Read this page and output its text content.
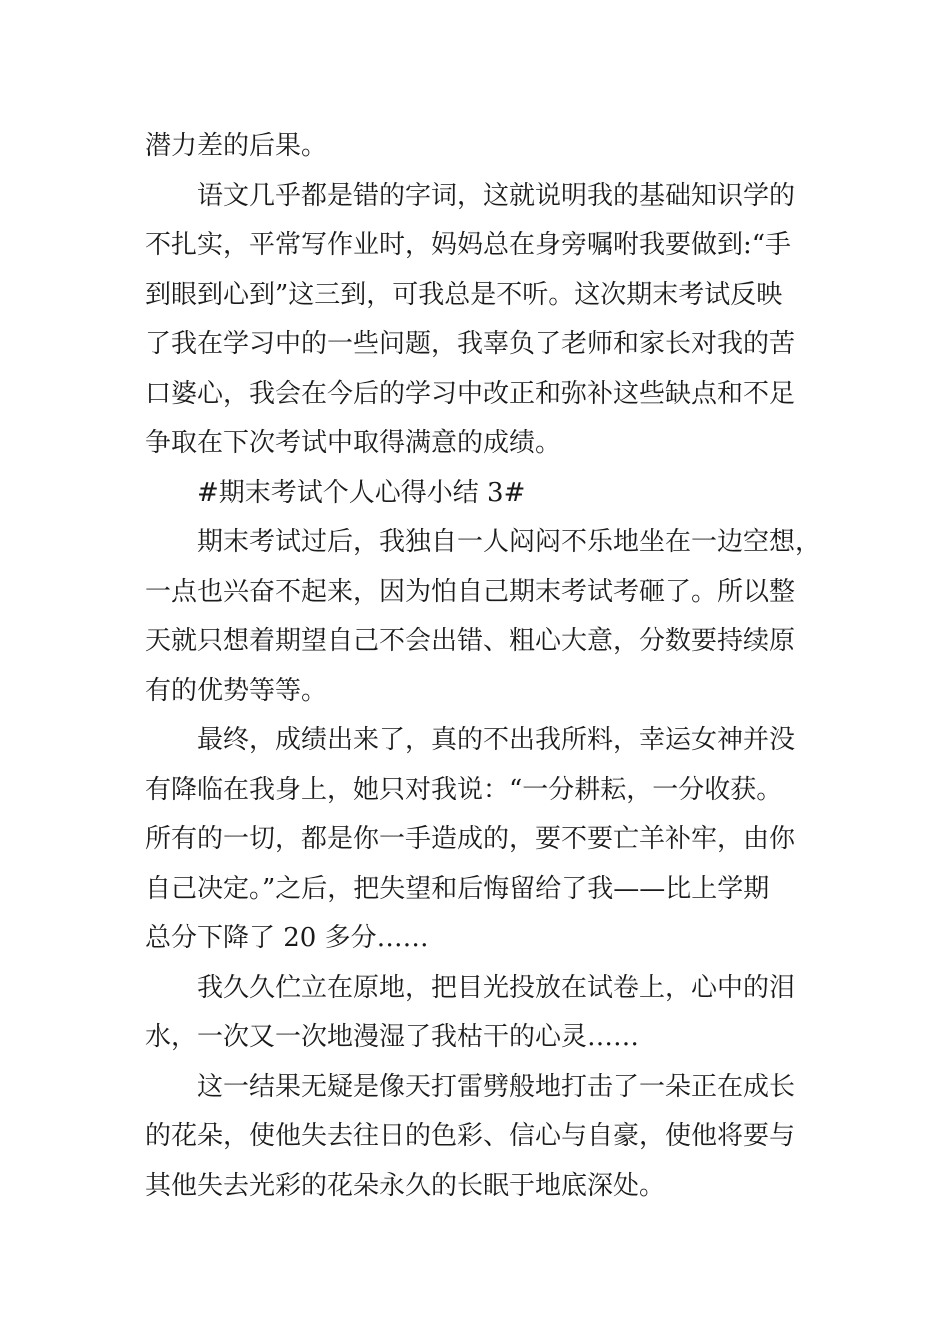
潜力差的后果。
语文几乎都是错的字词，这就说明我的基础知识学的
不扎实，平常写作业时，妈妈总在身旁嘱咐我要做到:“手
到眼到心到”这三到，可我总是不听。这次期末考试反映
了我在学习中的一些问题，我辜负了老师和家长对我的苦
口婆心，我会在今后的学习中改正和弥补这些缺点和不足
争取在下次考试中取得满意的成绩。
#期末考试个人心得小结 3#
期末考试过后，我独自一人闷闷不乐地坐在一边空想，
一点也兴奋不起来，因为怕自己期末考试考砸了。所以整
天就只想着期望自己不会出错、粗心大意，分数要持续原
有的优势等等。
最终，成绩出来了，真的不出我所料，幸运女神并没
有降临在我身上，她只对我说：“一分耕耘，一分收获。
所有的一切，都是你一手造成的，要不要亡羊补牢，由你
自己决定。”之后，把失望和后悔留给了我——比上学期
总分下降了 20 多分……
我久久伫立在原地，把目光投放在试卷上，心中的泪
水，一次又一次地漫湿了我枯干的心灵……
这一结果无疑是像天打雷劈般地打击了一朵正在成长
的花朵，使他失去往日的色彩、信心与自豪，使他将要与
其他失去光彩的花朵永久的长眠于地底深处。
